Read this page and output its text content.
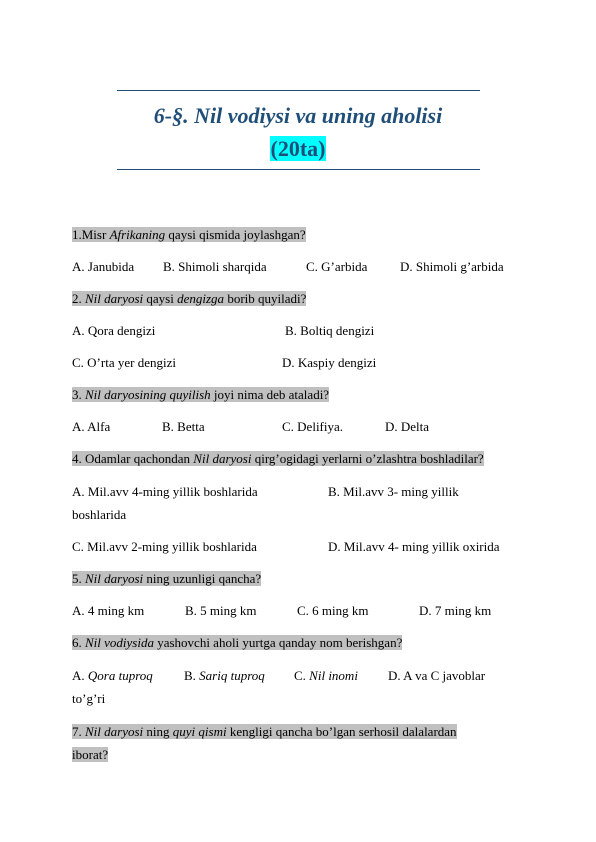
6-§. Nil vodiysi va uning aholisi
(20ta)
1.Misr Afrikaning qaysi qismida joylashgan?
A. Janubida B. Shimoli sharqida	C. G’arbida	D. Shimoli g’arbida
2. Nil daryosi qaysi dengizga borib quyiladi?
A. Qora dengizi	B. Boltiq dengizi
C. O’rta yer dengizi	D. Kaspiy dengizi
3. Nil daryosining quyilish joyi nima deb ataladi?
A. Alfa	B. Betta	C. Delifiya.	D. Delta
4. Odamlar qachondan Nil daryosi qirg’ogidagi yerlarni o’zlashtra boshladilar?
A. Mil.avv 4-ming yillik boshlarida	B. Mil.avv 3- ming yillik
boshlarida
C. Mil.avv 2-ming yillik boshlarida	D. Mil.avv 4- ming yillik oxirida
5. Nil daryosi ning uzunligi qancha?
A. 4 ming km	B. 5 ming km	C. 6 ming km	D. 7 ming km
6. Nil vodiysida yashovchi aholi yurtga qanday nom berishgan?
A. Qora tuproq B. Sariq tuproq C. Nil inomi D. A va C javoblar
to’g’ri
7. Nil daryosi ning quyi qismi kengligi qancha bo’lgan serhosil dalalardan
iborat?
